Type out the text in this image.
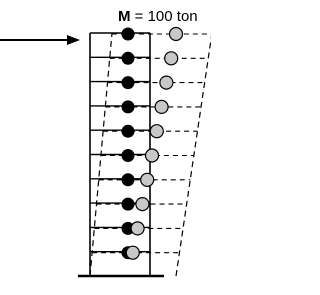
M = 100 ton
